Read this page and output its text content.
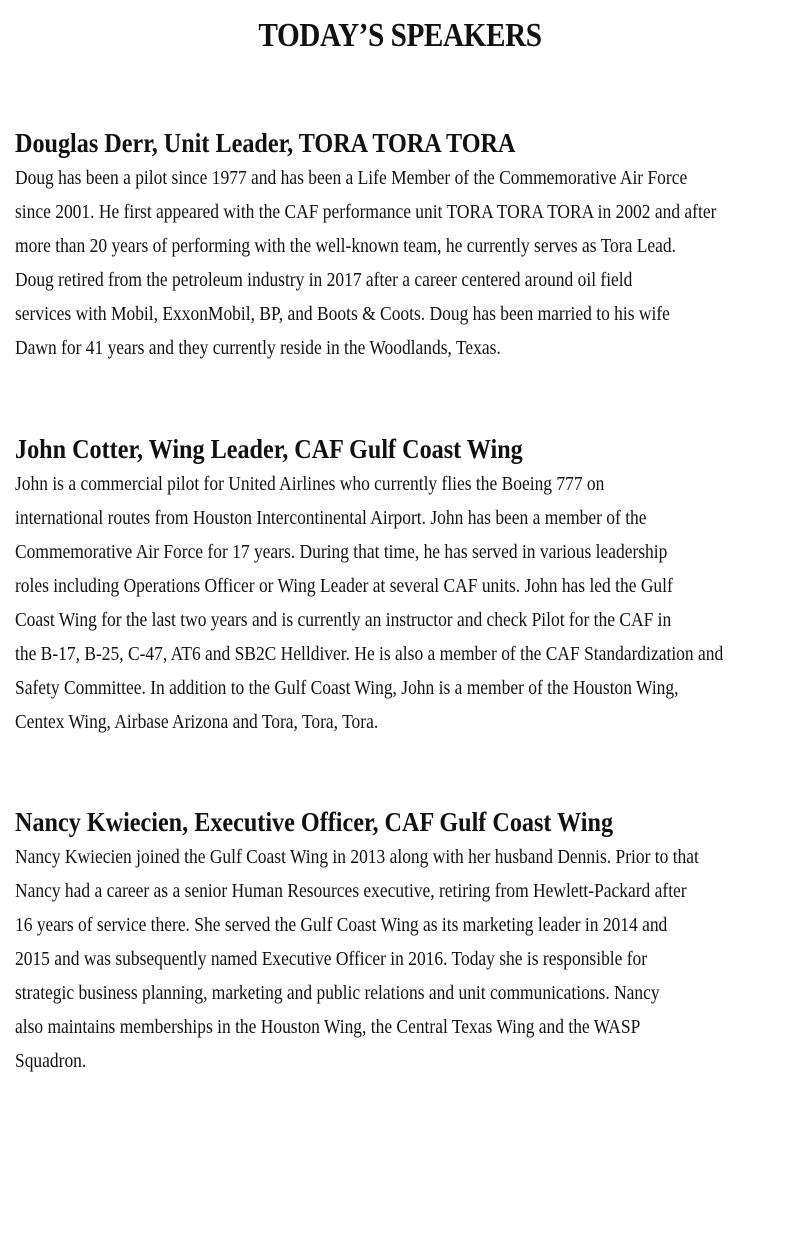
TODAY’S SPEAKERS
Douglas Derr, Unit Leader, TORA TORA TORA

Doug has been a pilot since 1977 and has been a Life Member of the Commemorative Air Force
since 2001. He first appeared with the CAF performance unit TORA TORA TORA in 2002 and after
more than 20 years of performing with the well-known team, he currently serves as Tora Lead.
Doug retired from the petroleum industry in 2017 after a career centered around oil field
services with Mobil, ExxonMobil, BP, and Boots & Coots. Doug has been married to his wife
Dawn for 41 years and they currently reside in the Woodlands, Texas.

John Cotter, Wing Leader, CAF Gulf Coast Wing

John is a commercial pilot for United Airlines who currently flies the Boeing 777 on
international routes from Houston Intercontinental Airport. John has been a member of the
Commemorative Air Force for 17 years. During that time, he has served in various leadership
roles including Operations Officer or Wing Leader at several CAF units. John has led the Gulf
Coast Wing for the last two years and is currently an instructor and check Pilot for the CAF in
the B-17, B-25, C-47, AT6 and SB2C Helldiver. He is also a member of the CAF Standardization and
Safety Committee. In addition to the Gulf Coast Wing, John is a member of the Houston Wing,
Centex Wing, Airbase Arizona and Tora, Tora, Tora.

Nancy Kwiecien, Executive Officer, CAF Gulf Coast Wing

Nancy Kwiecien joined the Gulf Coast Wing in 2013 along with her husband Dennis. Prior to that
Nancy had a career as a senior Human Resources executive, retiring from Hewlett-Packard after
16 years of service there. She served the Gulf Coast Wing as its marketing leader in 2014 and
2015 and was subsequently named Executive Officer in 2016. Today she is responsible for
strategic business planning, marketing and public relations and unit communications. Nancy
also maintains memberships in the Houston Wing, the Central Texas Wing and the WASP
Squadron.
